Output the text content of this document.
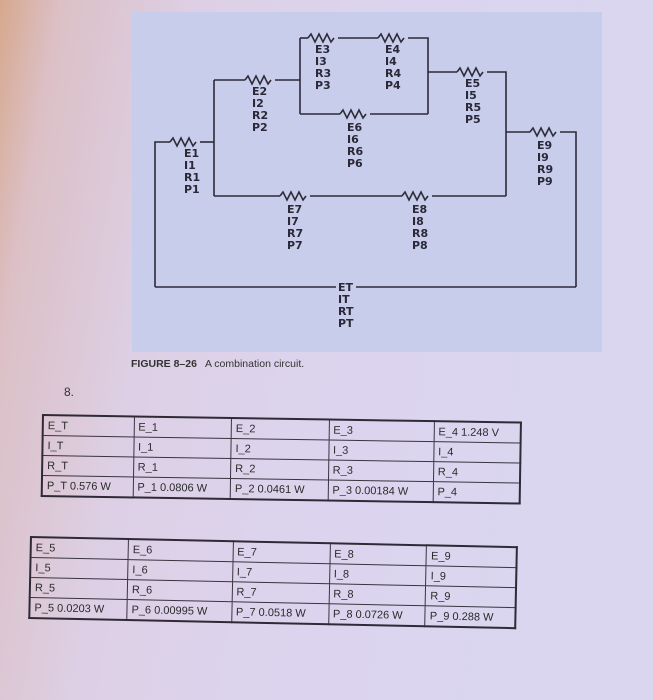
E1
I1
R1
P1
E2
I2
R2
P2
E3
I3
R3
P3
E4
I4
R4
P4	E5
I5
R5
P5
E6
I6
R6
P6
E7
I7
R7
P7
E8
I8
R8
P8
E9
I9
R9
P9
ET
IT
RT
PT
FIGURE 8–26 A combination circuit.
8.
E_T	E_1	E_2	E_3	E_4 1.248 V
I_T	I_1	I_2	I_3	I_4
R_T	R_1	R_2	R_3	R_4
P_T 0.576 W	P_1 0.0806 W	P_2 0.0461 W	P_3 0.00184 W	P_4
E_5	E_6	E_7	E_8	E_9
I_5	I_6	I_7	I_8	I_9
R_5	R_6	R_7	R_8	R_9
P_5 0.0203 W	P_6 0.00995 W	P_7 0.0518 W	P_8 0.0726 W	P_9 0.288 W
